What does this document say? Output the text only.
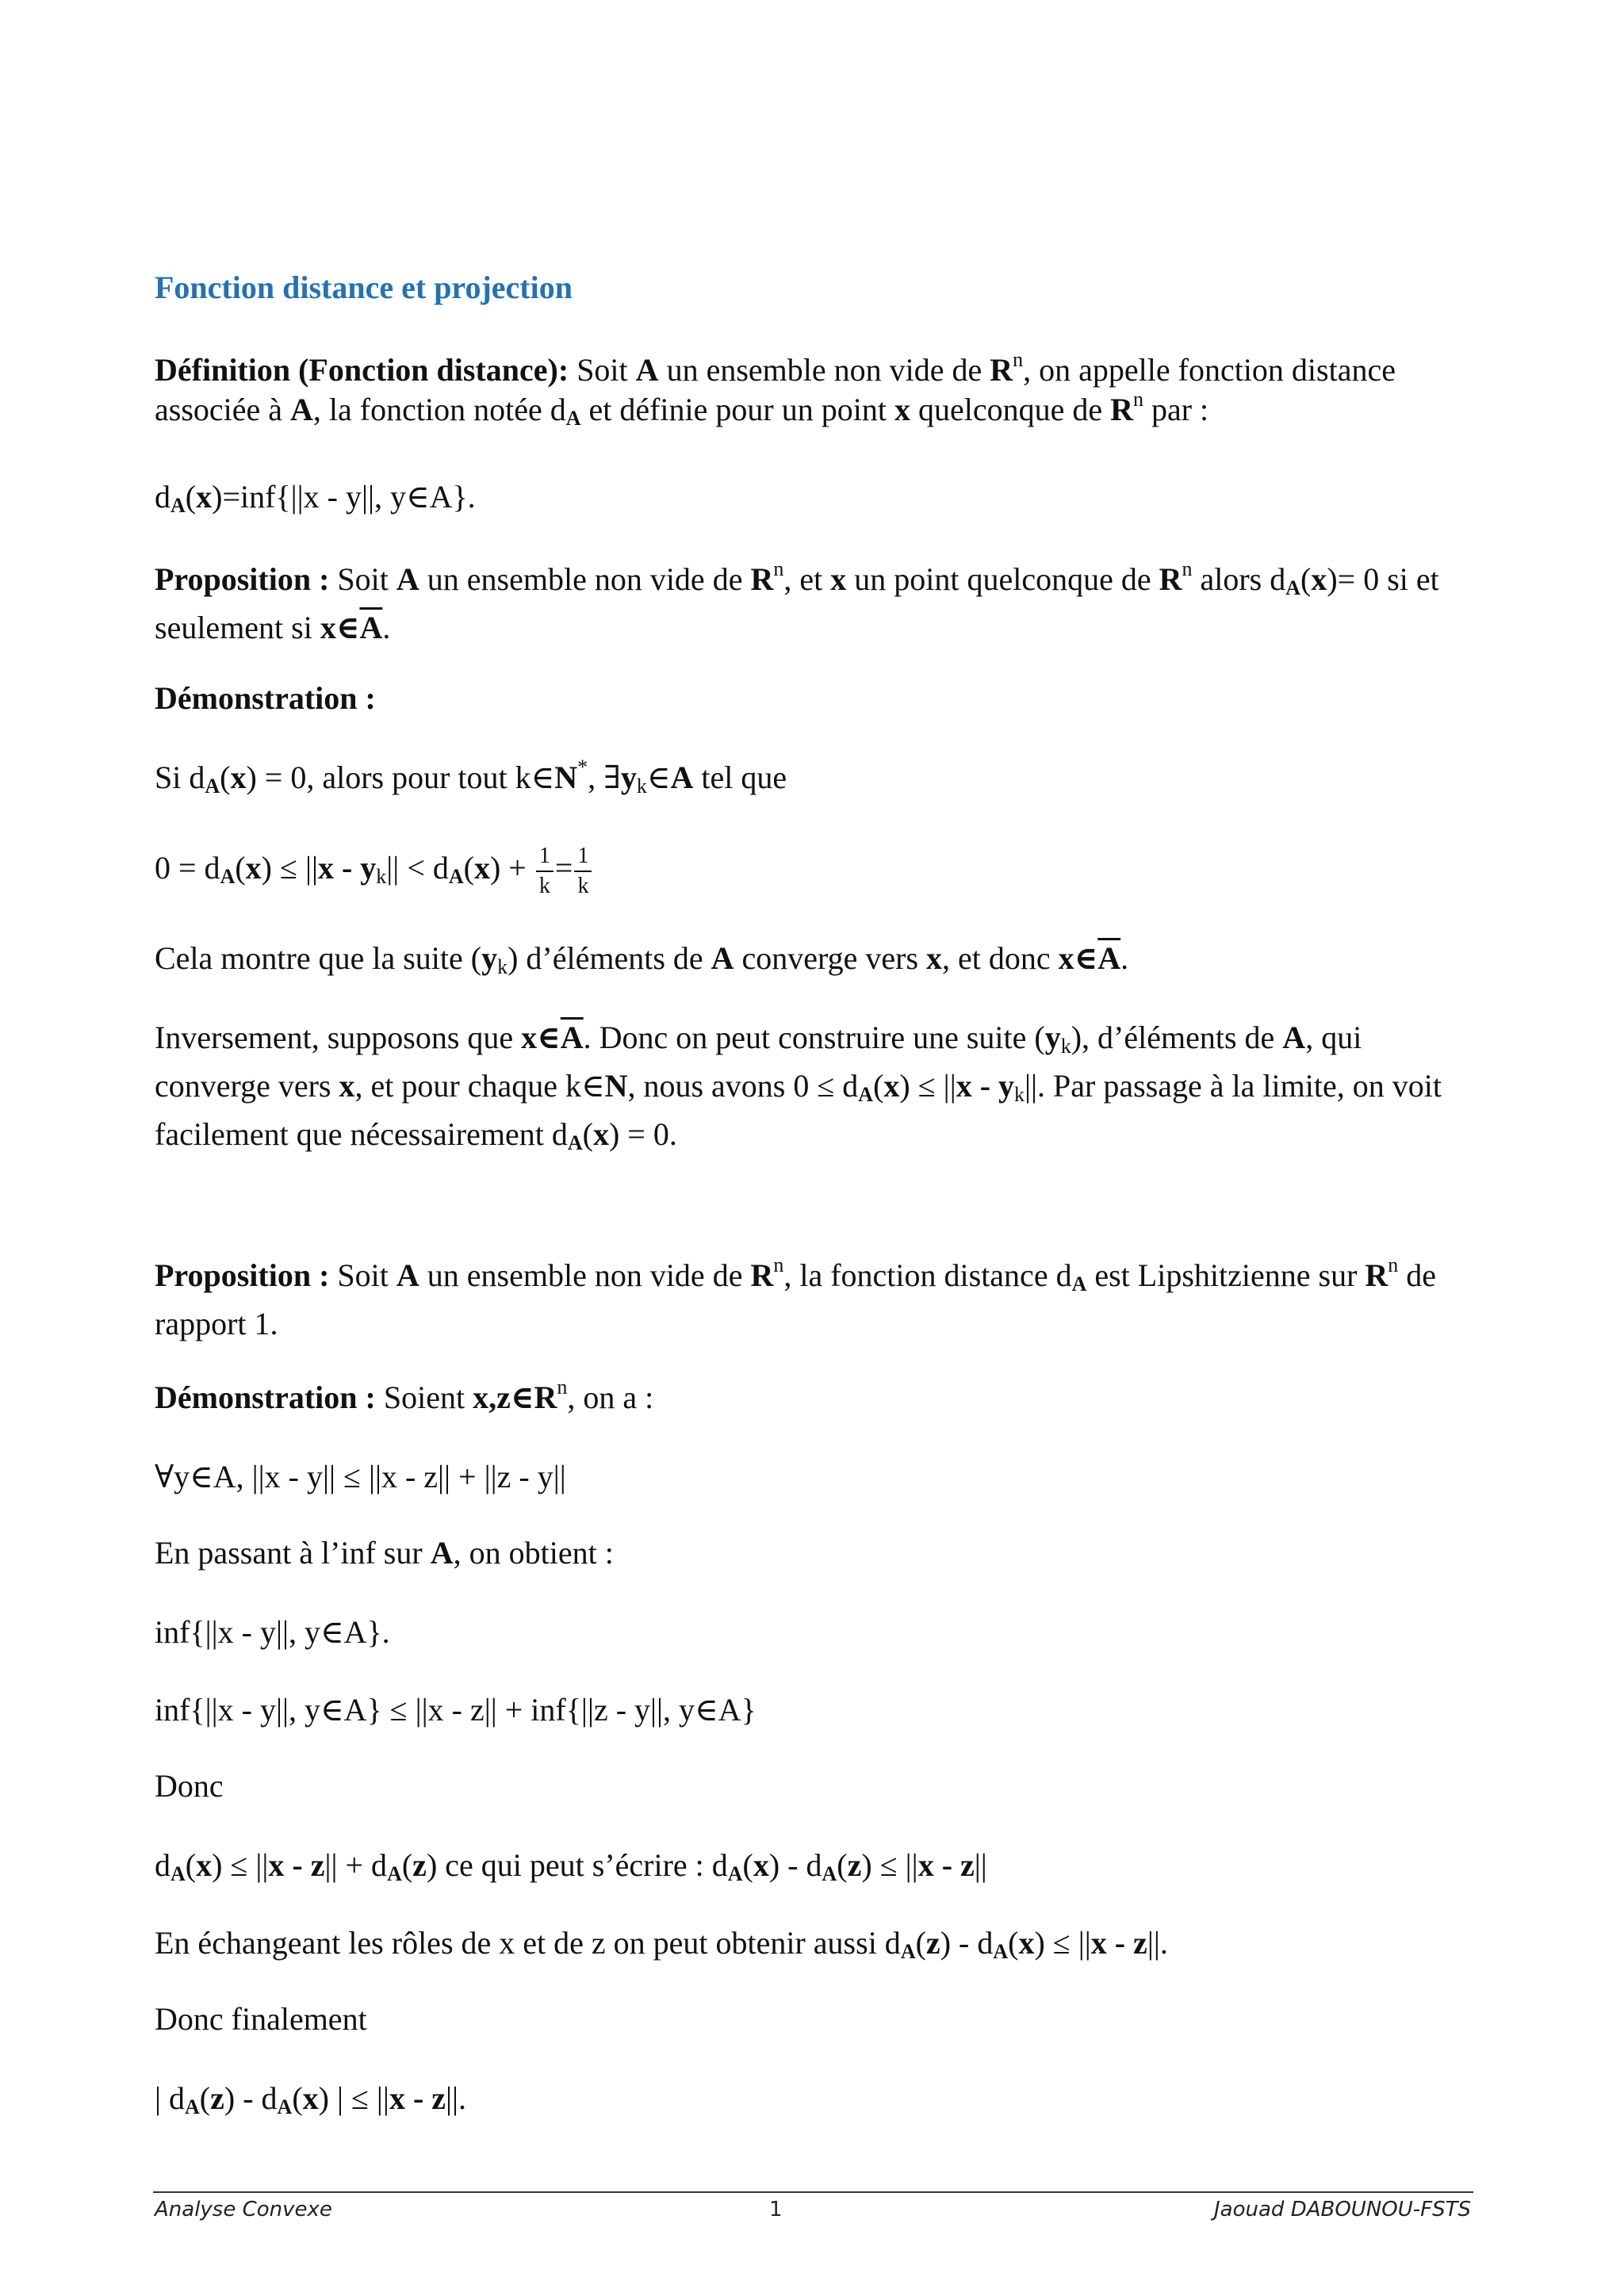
Fonction distance et projection

Définition (Fonction distance): Soit A un ensemble non vide de $R^n$, on appelle fonction distance associée à A, la fonction notée $d_A$ et définie pour un point x quelconque de $R^n$ par :

$d_A(x)=inf\{||x - y||$, y∈A}.

Proposition : Soit A un ensemble non vide de $R^n$, et x un point quelconque de $R^n$ alors $d_A(x)= 0$ si et seulement si $x\in\overline{A}$.

Démonstration :

Si $d_A(x) = 0$, alors pour tout k∈N*, ∃yk∈A tel que

$0 = d_A(x) \le ||x - yk|| < d_A(x) + \frac{1}{k} = \frac{1}{k}$

Cela montre que la suite (yk) d’éléments de A converge vers x, et donc $x\in\overline{A}$.

Inversement, supposons que $x\in\overline{A}$. Donc on peut construire une suite (yk), d’éléments de A, qui converge vers x, et pour chaque k∈N, nous avons $0 \le d_A(x) \le ||x - yk||$. Par passage à la limite, on voit facilement que nécessairement $d_A(x) = 0$.

Proposition : Soit A un ensemble non vide de $R^n$, la fonction distance $d_A$ est Lipshitzienne sur $R^n$ de rapport 1.

Démonstration : Soient $x,z\in R^n$, on a :

∀y∈A, ||x - y|| ≤ ||x - z|| + ||z - y||

En passant à l’inf sur A, on obtient :

inf{||x - y||, y∈A}.

inf{||x - y||, y∈A} ≤ ||x - z|| + inf{||z - y||, y∈A}

Donc

$d_A(x) \le ||x - z|| + d_A(z)$ ce qui peut s’écrire : $d_A(x) - d_A(z) \le ||x - z||$

En échangeant les rôles de x et de z on peut obtenir aussi $d_A(z) - d_A(x) \le ||x - z||$.

Donc finalement

| $d_A(z) - d_A(x)$ | ≤ ||x - z||.

Analyse Convexe	1	Jaouad DABOUNOU-FSTS
